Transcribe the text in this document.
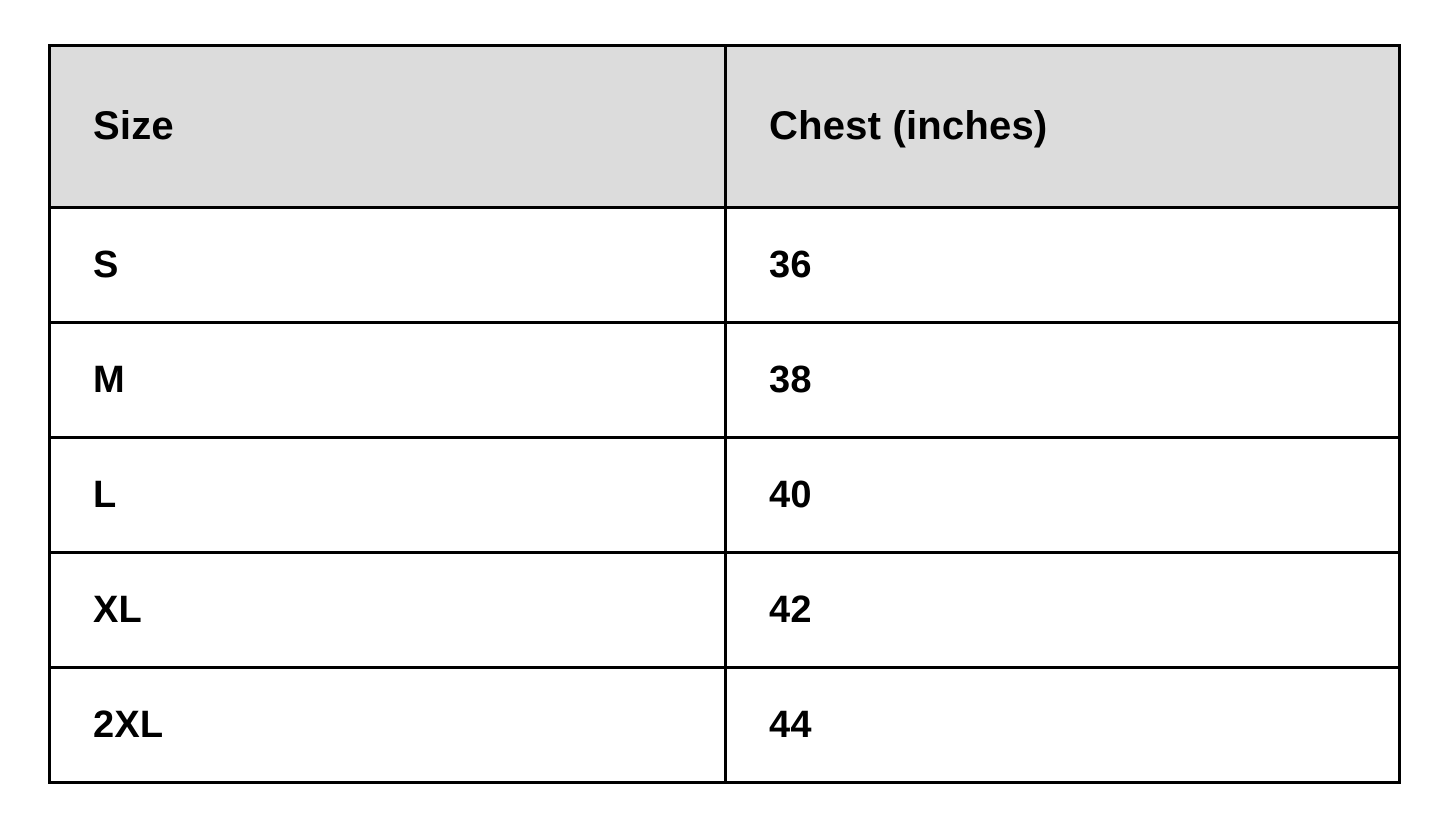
Size	Chest (inches)
S	36
M	38
L	40
XL	42
2XL	44
